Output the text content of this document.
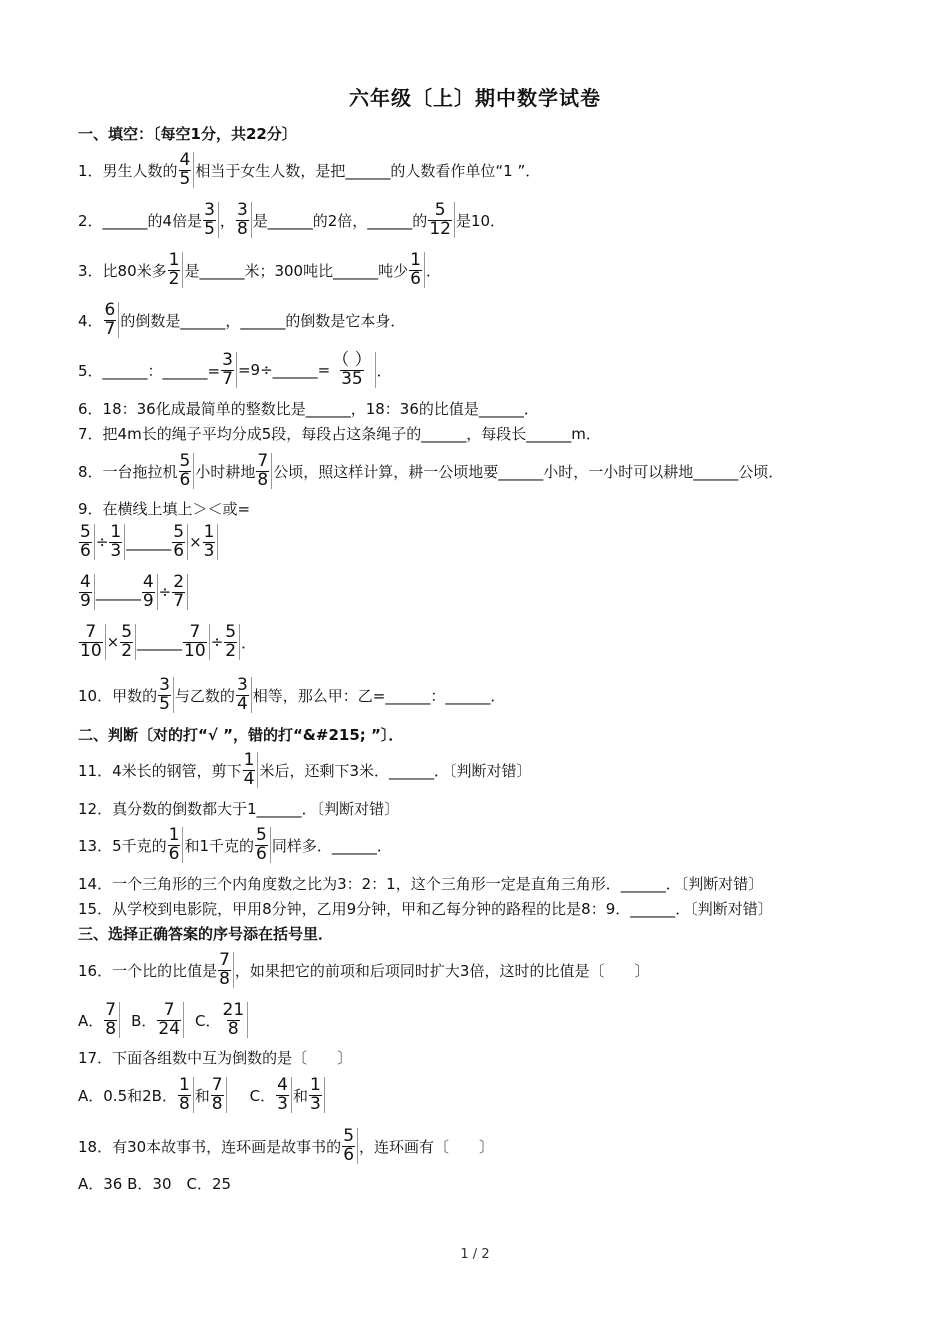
六年级〔上〕期中数学试卷
一、填空：〔每空1分，共22分〕
1．男生人数的 $\frac{4}{5}$ 相当于女生人数，是把______的人数看作单位“1 ”．
2．______的4倍是 $\frac{3}{5}$ ， $\frac{3}{8}$ 是______的2倍，______的 $\frac{5}{12}$ 是10．
3．比80米多 $\frac{1}{2}$ 是______米；300吨比______吨少 $\frac{1}{6}$ ．
4． $\frac{6}{7}$ 的倒数是______，______的倒数是它本身．
5．______：______= $\frac{3}{7}$ =9÷______= $\frac{( )}{35}$ ．
6．18：36化成最简单的整数比是______，18：36的比值是______．
7．把4m长的绳子平均分成5段，每段占这条绳子的______，每段长______m．
8．一台拖拉机 $\frac{5}{6}$ 小时耕地 $\frac{7}{8}$ 公顷，照这样计算，耕一公顷地要______小时，一小时可以耕地______公顷．
9．在横线上填上＞＜或=
$\frac{5}{6} \div \frac{1}{3}$ ______ $\frac{5}{6} \times \frac{1}{3}$
$\frac{4}{9}$ ______ $\frac{4}{9} \div \frac{2}{7}$
$\frac{7}{10} \times \frac{5}{2}$ ______ $\frac{7}{10} \div \frac{5}{2}$ ．
10．甲数的 $\frac{3}{5}$ 与乙数的 $\frac{3}{4}$ 相等，那么甲：乙=______：______．
二、判断〔对的打“√ ”，错的打“&#215; ”〕．
11．4米长的钢管，剪下 $\frac{1}{4}$ 米后，还剩下3米．______．〔判断对错〕
12．真分数的倒数都大于1______．〔判断对错〕
13．5千克的 $\frac{1}{6}$ 和1千克的 $\frac{5}{6}$ 同样多．______．
14．一个三角形的三个内角度数之比为3：2：1，这个三角形一定是直角三角形．______．〔判断对错〕
15．从学校到电影院，甲用8分钟，乙用9分钟，甲和乙每分钟的路程的比是8：9．______．〔判断对错〕
三、选择正确答案的序号添在括号里．
16．一个比的比值是 $\frac{7}{8}$ ，如果把它的前项和后项同时扩大3倍，这时的比值是〔　　〕
A． $\frac{7}{8}$ B． $\frac{7}{24}$ C． $\frac{21}{8}$
17．下面各组数中互为倒数的是〔　　〕
A．0.5和2B． $\frac{1}{8}$ 和 $\frac{7}{8}$ C． $\frac{4}{3}$ 和 $\frac{1}{3}$
18．有30本故事书，连环画是故事书的 $\frac{5}{6}$ ，连环画有〔　　〕
A．36 B．30　C．25
1 / 2
